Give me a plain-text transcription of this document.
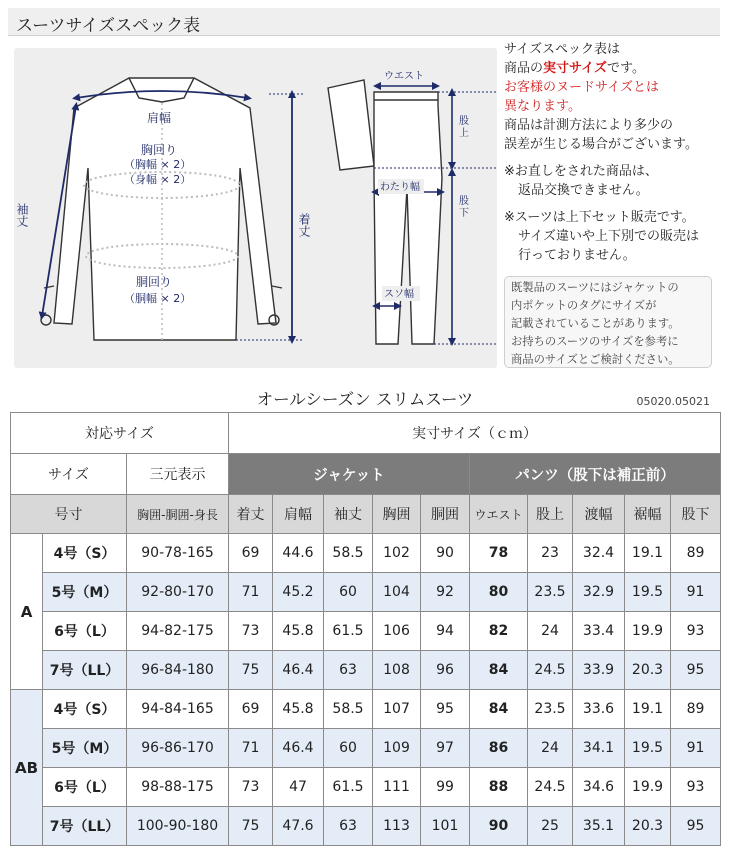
スーツサイズスペック表
肩幅
胸回り
（胸幅 × 2）
（身幅 × 2）
胴回り
（胴幅 × 2）
袖丈	着丈
ウエスト
股
上
わたり幅
股
下
スソ幅
サイズスペック表は
商品の実寸サイズです。
お客様のヌードサイズとは
異なります。
商品は計測方法により多少の
誤差が生じる場合がございます。
※お直しをされた商品は、
返品交換できません。
※スーツは上下セット販売です。
サイズ違いや上下別での販売は
行っておりません。
既製品のスーツにはジャケットの
内ポケットのタグにサイズが
記載されていることがあります。
お持ちのスーツのサイズを参考に
商品のサイズとご検討ください。
オールシーズン スリムスーツ	05020.05021
対応サイズ			実寸サイズ（ｃｍ）									
サイズ		三元表示	ジャケット					パンツ（股下は補正前）				
号寸		胸囲-胴囲-身長	着丈	肩幅	袖丈	胸囲	胴囲	ウエスト	股上	渡幅	裾幅	股下
A	4号（S）	90-78-165	69	44.6	58.5	102	90	78	23	32.4	19.1	89
	5号（M）	92-80-170	71	45.2	60	104	92	80	23.5	32.9	19.5	91
	6号（L）	94-82-175	73	45.8	61.5	106	94	82	24	33.4	19.9	93
	7号（LL）	96-84-180	75	46.4	63	108	96	84	24.5	33.9	20.3	95
AB	4号（S）	94-84-165	69	45.8	58.5	107	95	84	23.5	33.6	19.1	89
	5号（M）	96-86-170	71	46.4	60	109	97	86	24	34.1	19.5	91
	6号（L）	98-88-175	73	47	61.5	111	99	88	24.5	34.6	19.9	93
	7号（LL）	100-90-180	75	47.6	63	113	101	90	25	35.1	20.3	95
